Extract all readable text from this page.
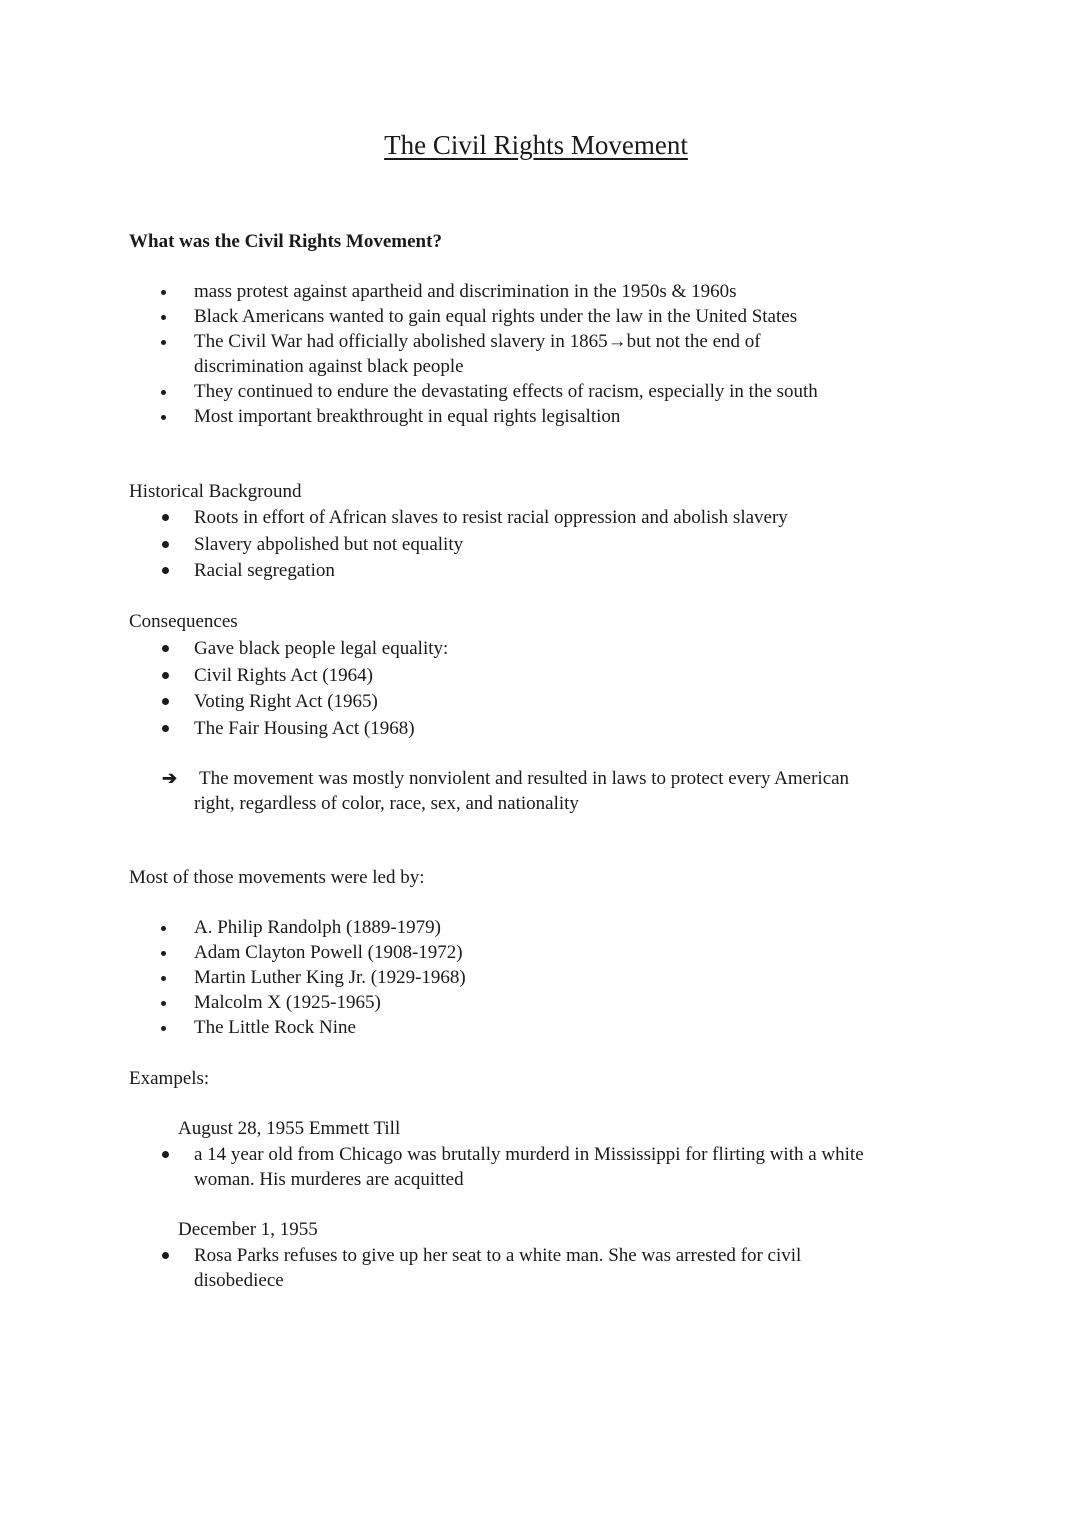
The Civil Rights Movement
What was the Civil Rights Movement?
mass protest against apartheid and discrimination in the 1950s & 1960s
Black Americans wanted to gain equal rights under the law in the United States
The Civil War had officially abolished slavery in 1865→but not the end of discrimination against black people
They continued to endure the devastating effects of racism, especially in the south
Most important breakthrought in equal rights legisaltion
Historical Background
Roots in effort of African slaves to resist racial oppression and abolish slavery
Slavery abpolished but not equality
Racial segregation
Consequences
Gave black people legal equality:
Civil Rights Act (1964)
Voting Right Act (1965)
The Fair Housing Act (1968)
➔ The movement was mostly nonviolent and resulted in laws to protect every American
right, regardless of color, race, sex, and nationality
Most of those movements were led by:
A. Philip Randolph (1889-1979)
Adam Clayton Powell (1908-1972)
Martin Luther King Jr. (1929-1968)
Malcolm X (1925-1965)
The Little Rock Nine
Exampels:
August 28, 1955 Emmett Till
a 14 year old from Chicago was brutally murderd in Mississippi for flirting with a white woman. His murderes are acquitted
December 1, 1955
Rosa Parks refuses to give up her seat to a white man. She was arrested for civil disobediece
